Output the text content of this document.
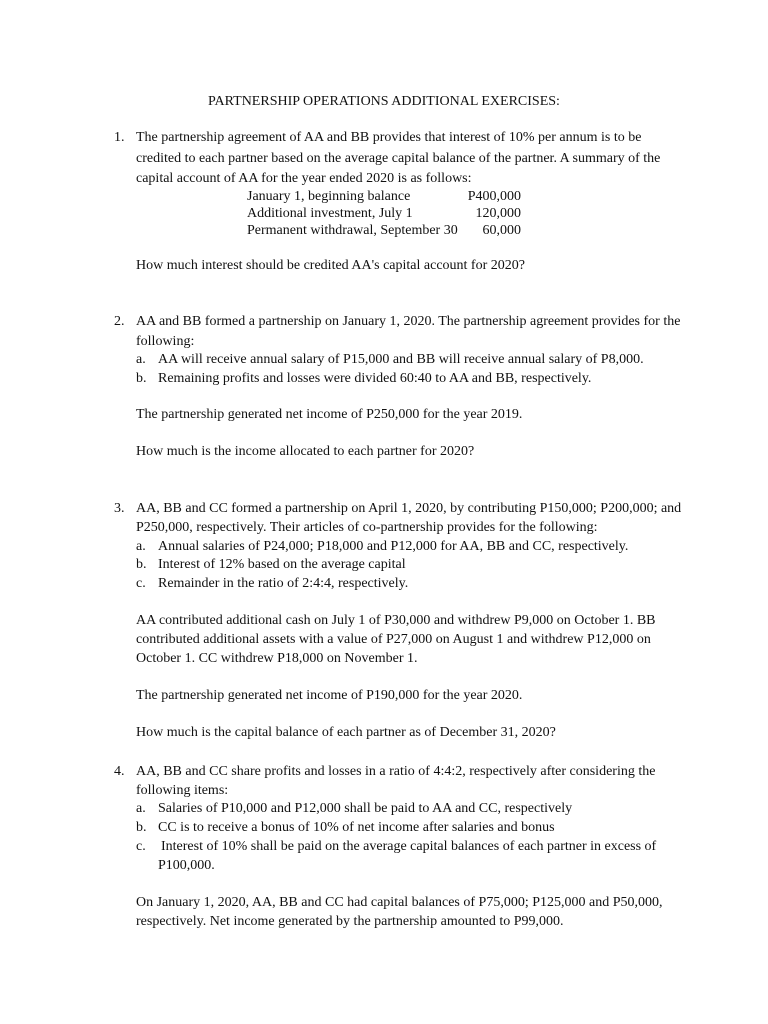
PARTNERSHIP OPERATIONS ADDITIONAL EXERCISES:
1. The partnership agreement of AA and BB provides that interest of 10% per annum is to be
credited to each partner based on the average capital balance of the partner. A summary of the
capital account of AA for the year ended 2020 is as follows:
January 1, beginning balance	P400,000
Additional investment, July 1	120,000
Permanent withdrawal, September 30 60,000
How much interest should be credited AA's capital account for 2020?
2. AA and BB formed a partnership on January 1, 2020. The partnership agreement provides for the
following:
a. AA will receive annual salary of P15,000 and BB will receive annual salary of P8,000.
b. Remaining profits and losses were divided 60:40 to AA and BB, respectively.
The partnership generated net income of P250,000 for the year 2019.
How much is the income allocated to each partner for 2020?
3. AA, BB and CC formed a partnership on April 1, 2020, by contributing P150,000; P200,000; and
P250,000, respectively. Their articles of co-partnership provides for the following:
a. Annual salaries of P24,000; P18,000 and P12,000 for AA, BB and CC, respectively.
b. Interest of 12% based on the average capital
c. Remainder in the ratio of 2:4:4, respectively.
AA contributed additional cash on July 1 of P30,000 and withdrew P9,000 on October 1. BB
contributed additional assets with a value of P27,000 on August 1 and withdrew P12,000 on
October 1. CC withdrew P18,000 on November 1.
The partnership generated net income of P190,000 for the year 2020.
How much is the capital balance of each partner as of December 31, 2020?
4. AA, BB and CC share profits and losses in a ratio of 4:4:2, respectively after considering the
following items:
a. Salaries of P10,000 and P12,000 shall be paid to AA and CC, respectively
b. CC is to receive a bonus of 10% of net income after salaries and bonus
c. Interest of 10% shall be paid on the average capital balances of each partner in excess of
P100,000.
On January 1, 2020, AA, BB and CC had capital balances of P75,000; P125,000 and P50,000,
respectively. Net income generated by the partnership amounted to P99,000.
